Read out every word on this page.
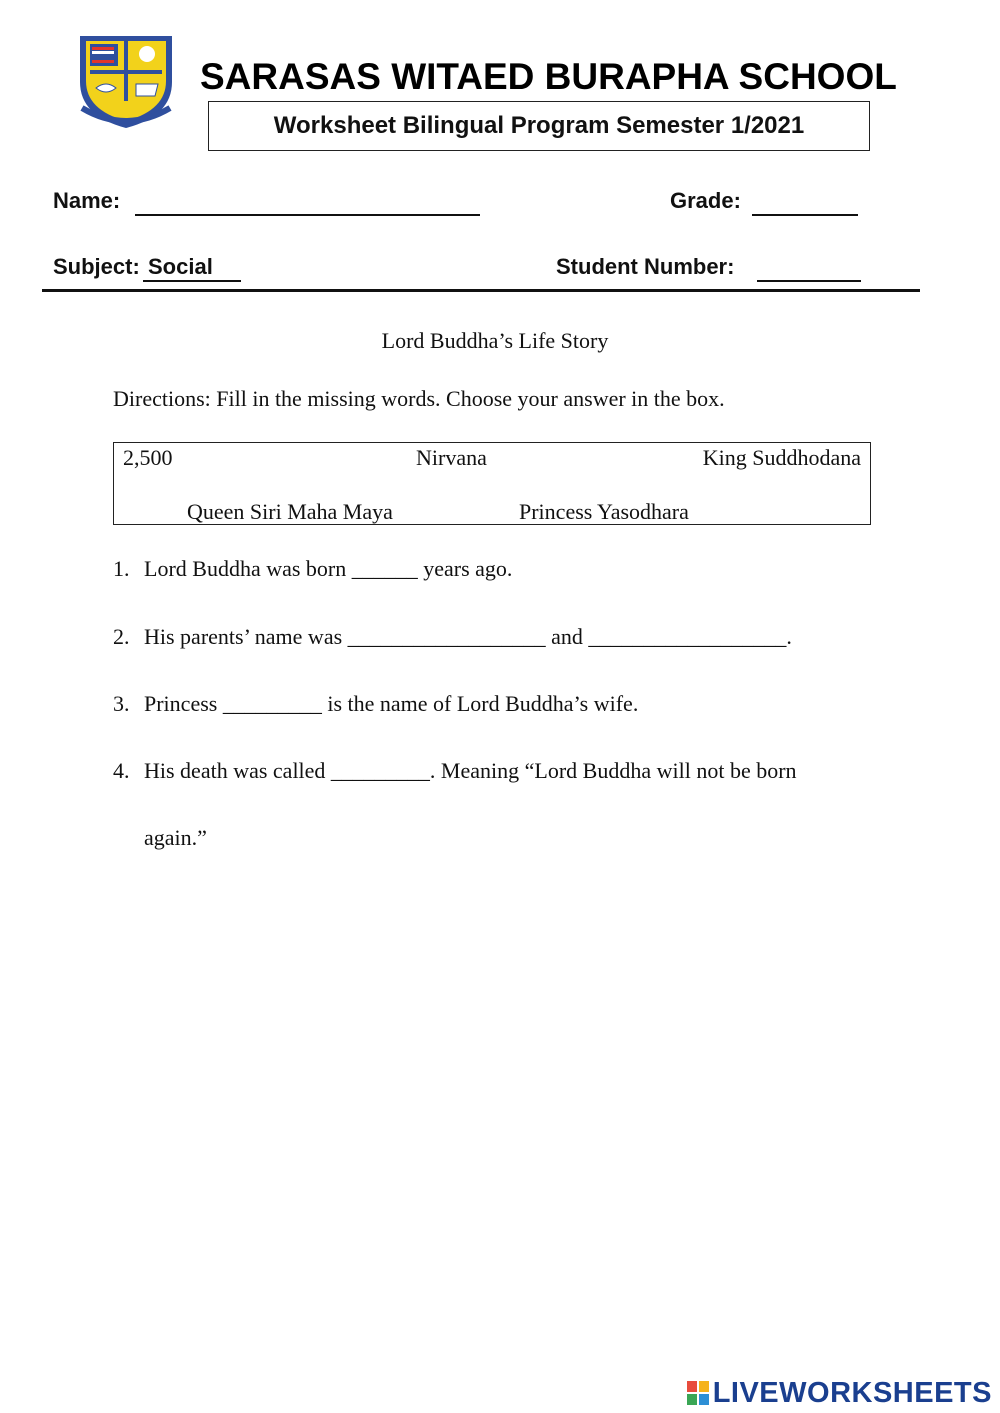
SARASAS WITAED BURAPHA SCHOOL
Worksheet Bilingual Program Semester 1/2021
Name:	Grade:
Subject: Social	Student Number:
Lord Buddha’s Life Story
Directions: Fill in the missing words. Choose your answer in the box.
2,500	Nirvana	King Suddhodana
Queen Siri Maha Maya	Princess Yasodhara
1. Lord Buddha was born ______ years ago.
2. His parents’ name was __________________ and __________________.
3. Princess _________ is the name of Lord Buddha’s wife.
4. His death was called _________. Meaning “Lord Buddha will not be born
again.”
LIVEWORKSHEETS
